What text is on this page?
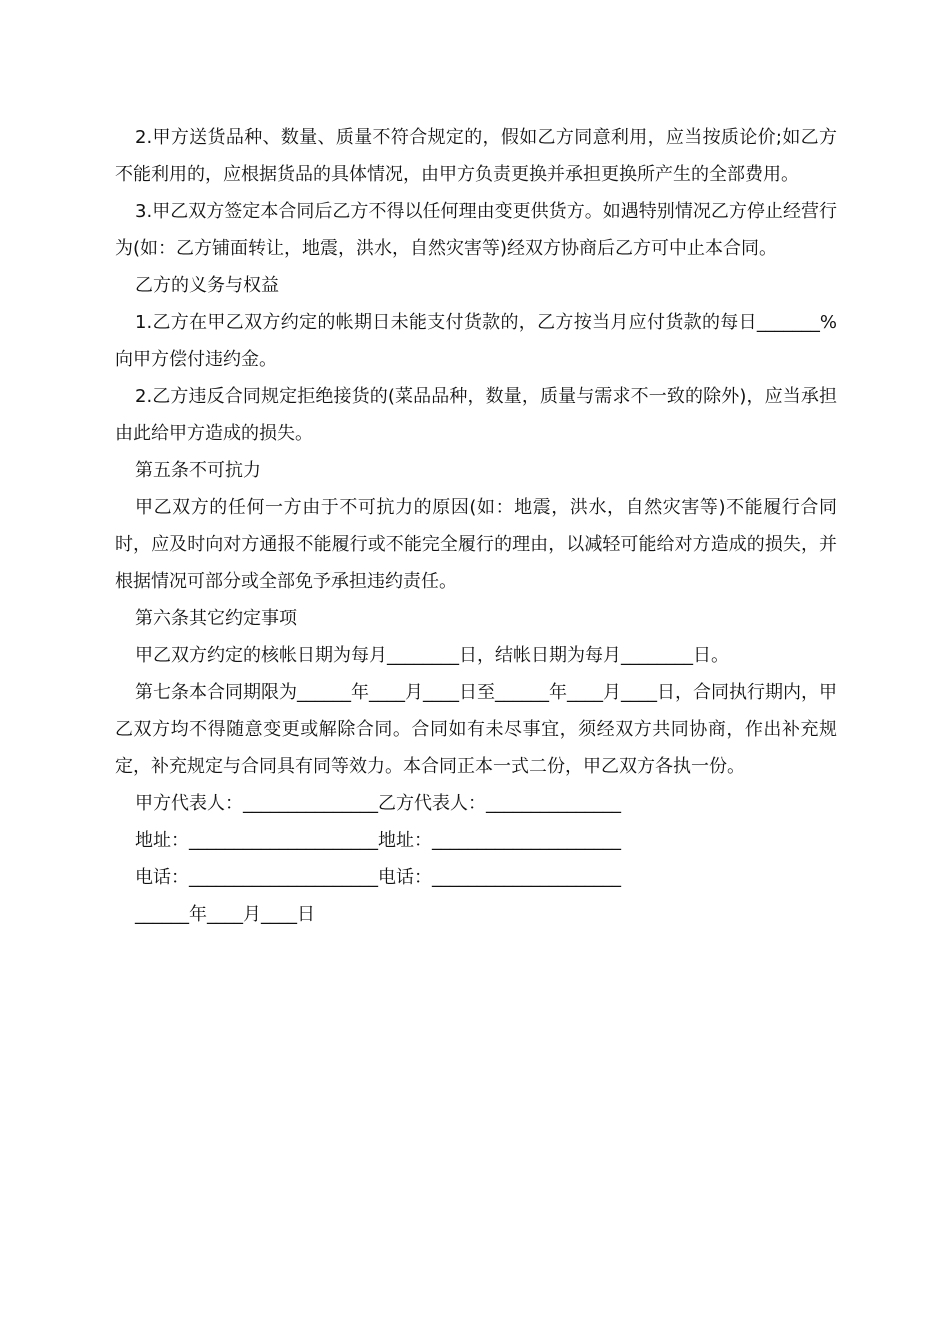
2.甲方送货品种、数量、质量不符合规定的，假如乙方同意利用，应当按质论价;如乙方不能利用的，应根据货品的具体情况，由甲方负责更换并承担更换所产生的全部费用。

3.甲乙双方签定本合同后乙方不得以任何理由变更供货方。如遇特别情况乙方停止经营行为(如：乙方铺面转让，地震，洪水，自然灾害等)经双方协商后乙方可中止本合同。

乙方的义务与权益

1.乙方在甲乙双方约定的帐期日未能支付货款的，乙方按当月应付货款的每日_______%向甲方偿付违约金。

2.乙方违反合同规定拒绝接货的(菜品品种，数量，质量与需求不一致的除外)，应当承担由此给甲方造成的损失。

第五条不可抗力

甲乙双方的任何一方由于不可抗力的原因(如：地震，洪水，自然灾害等)不能履行合同时，应及时向对方通报不能履行或不能完全履行的理由，以减轻可能给对方造成的损失，并根据情况可部分或全部免予承担违约责任。

第六条其它约定事项

甲乙双方约定的核帐日期为每月________日，结帐日期为每月________日。

第七条本合同期限为______年____月____日至______年____月____日，合同执行期内，甲乙双方均不得随意变更或解除合同。合同如有未尽事宜，须经双方共同协商，作出补充规定，补充规定与合同具有同等效力。本合同正本一式二份，甲乙双方各执一份。

甲方代表人：_______________乙方代表人：_______________

地址：_____________________地址：_____________________

电话：_____________________电话：_____________________

______年____月____日
